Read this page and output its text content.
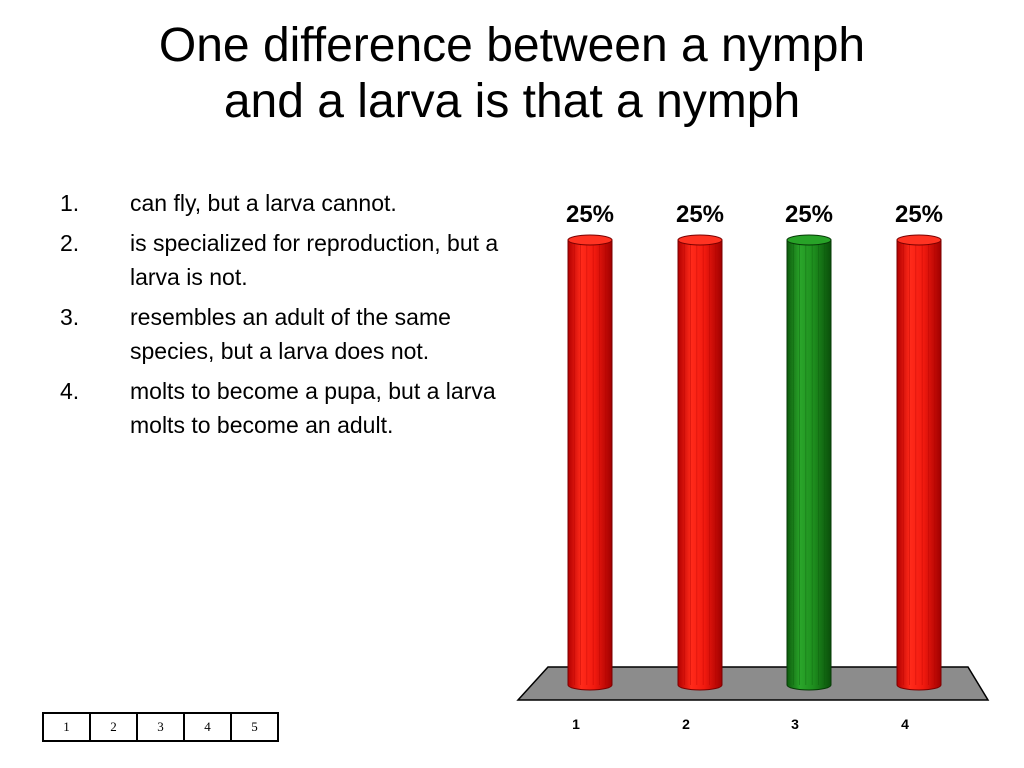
One difference between a nymph
and a larva is that a nymph
1.	can fly, but a larva cannot.
2.	is specialized for reproduction, but a larva is not.
3.	resembles an adult of the same species, but a larva does not.
4.	molts to become a pupa, but a larva molts to become an adult.
25%	25%	25%	25%
1	2	3	4
1	2	3	4	5
